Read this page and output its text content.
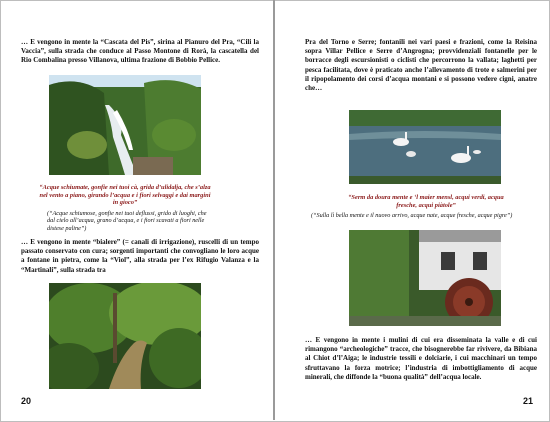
… E vengono in mente la “Cascata del Pis”, sirina al Pianuro del Pra, “Cili la Vaccia”, sulla strada che conduce al Passo Montone di Rorà, la cascatella del Rio Combalina presso Villanova, ultima frazione di Bobbio Pellice.

“Acque schiumate, gonfie nei tuoi cà, grida d’ulidalja, che s’alza nel vento a piano, girando l’acqua e i fiori selvaggi e dai margini in gioco”

(“Acque schiumose, gonfie nei tuoi deflussi, grido di luoghi, che dal cielo all’acqua, grano d’acqua, e i fiori scavati a fiori nelle distese paline”)

… E vengono in mente “bialere” (= canali di irrigazione), ruscelli di un tempo passato conservato con cura; sorgenti importanti che convogliano le loro acque a fontane in pietra, come la “Viol”, alla strada per l’ex Rifugio Valanza e la “Martinali”, sulla strada tra

20

Pra del Torno e Serre; fontanili nei vari paesi e frazioni, come la Reisina sopra Villar Pellice e Serre d’Angrogna; provvidenziali fontanelle per le borracce degli escursionisti o ciclisti che percorrono la vallata; laghetti per pesca facilitata, dove è praticato anche l’allevamento di trote e salmerini per il ripopolamento dei corsi d’acqua montani e si possono vedere cigni, anatre che…

“Serm da doura mente e ‘l maier mensl, acqui verdi, acqua fresche, acqui piàtole”

(“Sulla lì bella mente e il nuovo arrivo, acque nate, acque fresche, acque pigre”)

… E vengono in mente i mulini di cui era disseminata la valle e di cui rimangono “archeologiche” tracce, che bisognerebbe far rivivere, da Bibiana al Chiot d’l’Aiga; le industrie tessili e dolciarie, i cui macchinari un tempo sfruttavano la forza motrice; l’industria di imbottigliamento di acque minerali, che diffonde la “buona qualità” dell’acqua locale.

21
